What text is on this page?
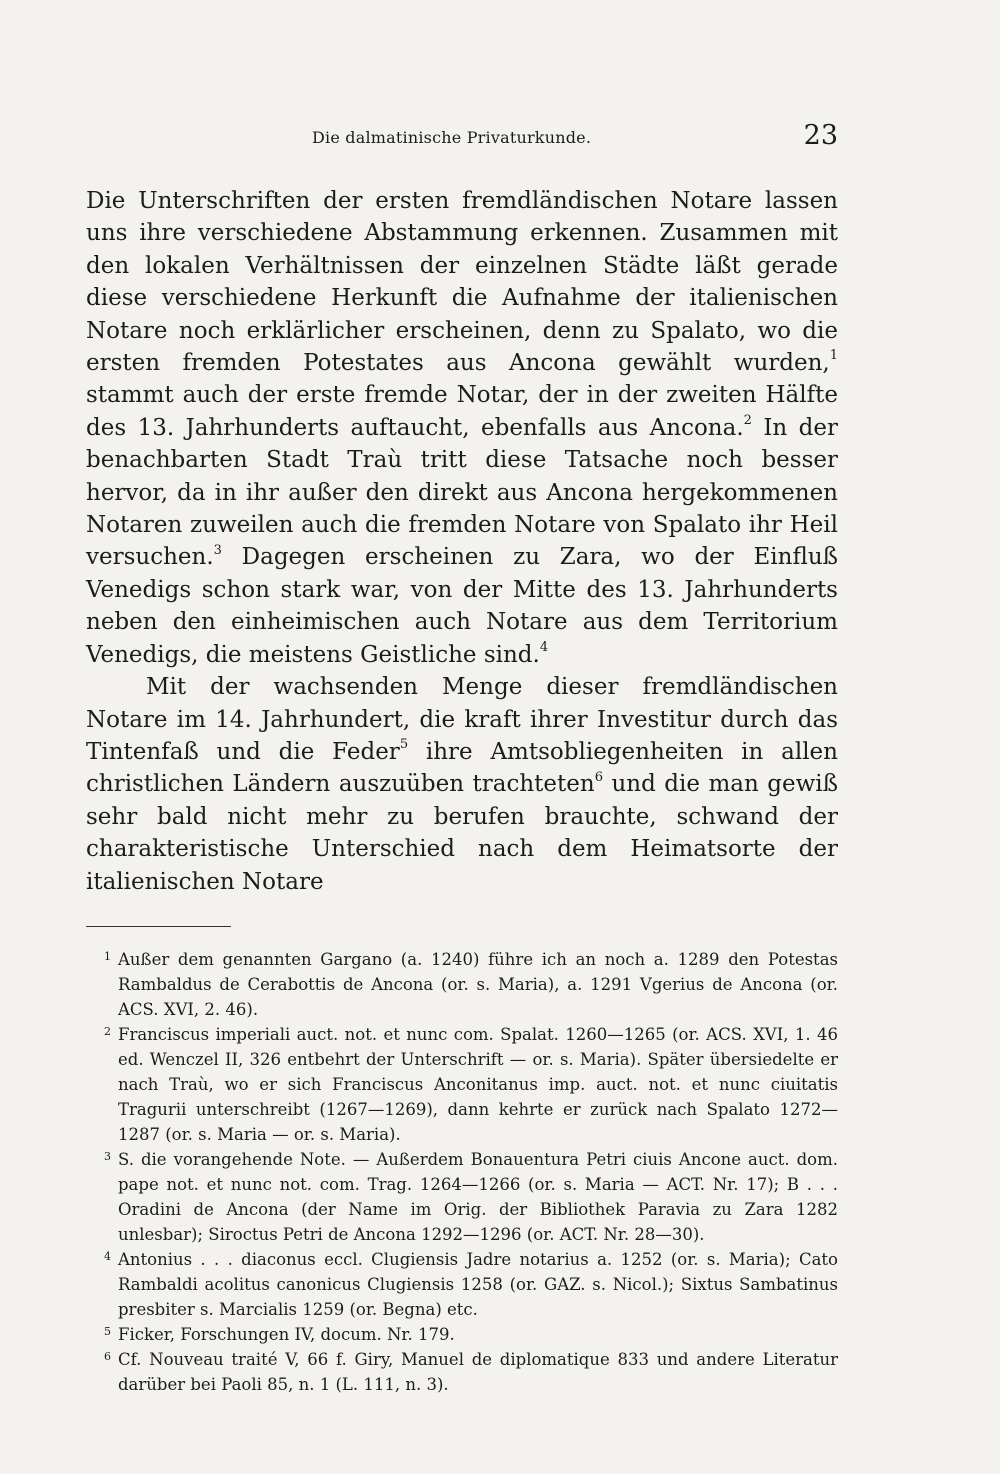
Die dalmatinische Privaturkunde.	23

Die Unterschriften der ersten fremdländischen Notare lassen uns ihre verschiedene Abstammung erkennen. Zusammen mit den lokalen Verhältnissen der einzelnen Städte läßt gerade diese verschiedene Herkunft die Aufnahme der italienischen Notare noch erklärlicher erscheinen, denn zu Spalato, wo die ersten fremden Potestates aus Ancona gewählt wurden,$^1$ stammt auch der erste fremde Notar, der in der zweiten Hälfte des 13. Jahrhunderts auftaucht, ebenfalls aus Ancona.$^2$ In der benachbarten Stadt Traù tritt diese Tatsache noch besser hervor, da in ihr außer den direkt aus Ancona hergekommenen Notaren zuweilen auch die fremden Notare von Spalato ihr Heil versuchen.$^3$ Dagegen erscheinen zu Zara, wo der Einfluß Venedigs schon stark war, von der Mitte des 13. Jahrhunderts neben den einheimischen auch Notare aus dem Territorium Venedigs, die meistens Geistliche sind.$^4$

Mit der wachsenden Menge dieser fremdländischen Notare im 14. Jahrhundert, die kraft ihrer Investitur durch das Tintenfaß und die Feder$^5$ ihre Amtsobliegenheiten in allen christlichen Ländern auszuüben trachteten$^6$ und die man gewiß sehr bald nicht mehr zu berufen brauchte, schwand der charakteristische Unterschied nach dem Heimatsorte der italienischen Notare

1 Außer dem genannten Gargano (a. 1240) führe ich an noch a. 1289 den Potestas Rambaldus de Cerabottis de Ancona (or. s. Maria), a. 1291 Vgerius de Ancona (or. ACS. XVI, 2. 46).

2 Franciscus imperiali auct. not. et nunc com. Spalat. 1260—1265 (or. ACS. XVI, 1. 46 ed. Wenczel II, 326 entbehrt der Unterschrift — or. s. Maria). Später übersiedelte er nach Traù, wo er sich Franciscus Anconitanus imp. auct. not. et nunc ciuitatis Tragurii unterschreibt (1267—1269), dann kehrte er zurück nach Spalato 1272—1287 (or. s. Maria — or. s. Maria).

3 S. die vorangehende Note. — Außerdem Bonauentura Petri ciuis Ancone auct. dom. pape not. et nunc not. com. Trag. 1264—1266 (or. s. Maria — ACT. Nr. 17); B . . . Oradini de Ancona (der Name im Orig. der Bibliothek Paravia zu Zara 1282 unlesbar); Siroctus Petri de Ancona 1292—1296 (or. ACT. Nr. 28—30).

4 Antonius . . . diaconus eccl. Clugiensis Jadre notarius a. 1252 (or. s. Maria); Cato Rambaldi acolitus canonicus Clugiensis 1258 (or. GAZ. s. Nicol.); Sixtus Sambatinus presbiter s. Marcialis 1259 (or. Begna) etc.

5 Ficker, Forschungen IV, docum. Nr. 179.

6 Cf. Nouveau traité V, 66 f. Giry, Manuel de diplomatique 833 und andere Literatur darüber bei Paoli 85, n. 1 (L. 111, n. 3).
